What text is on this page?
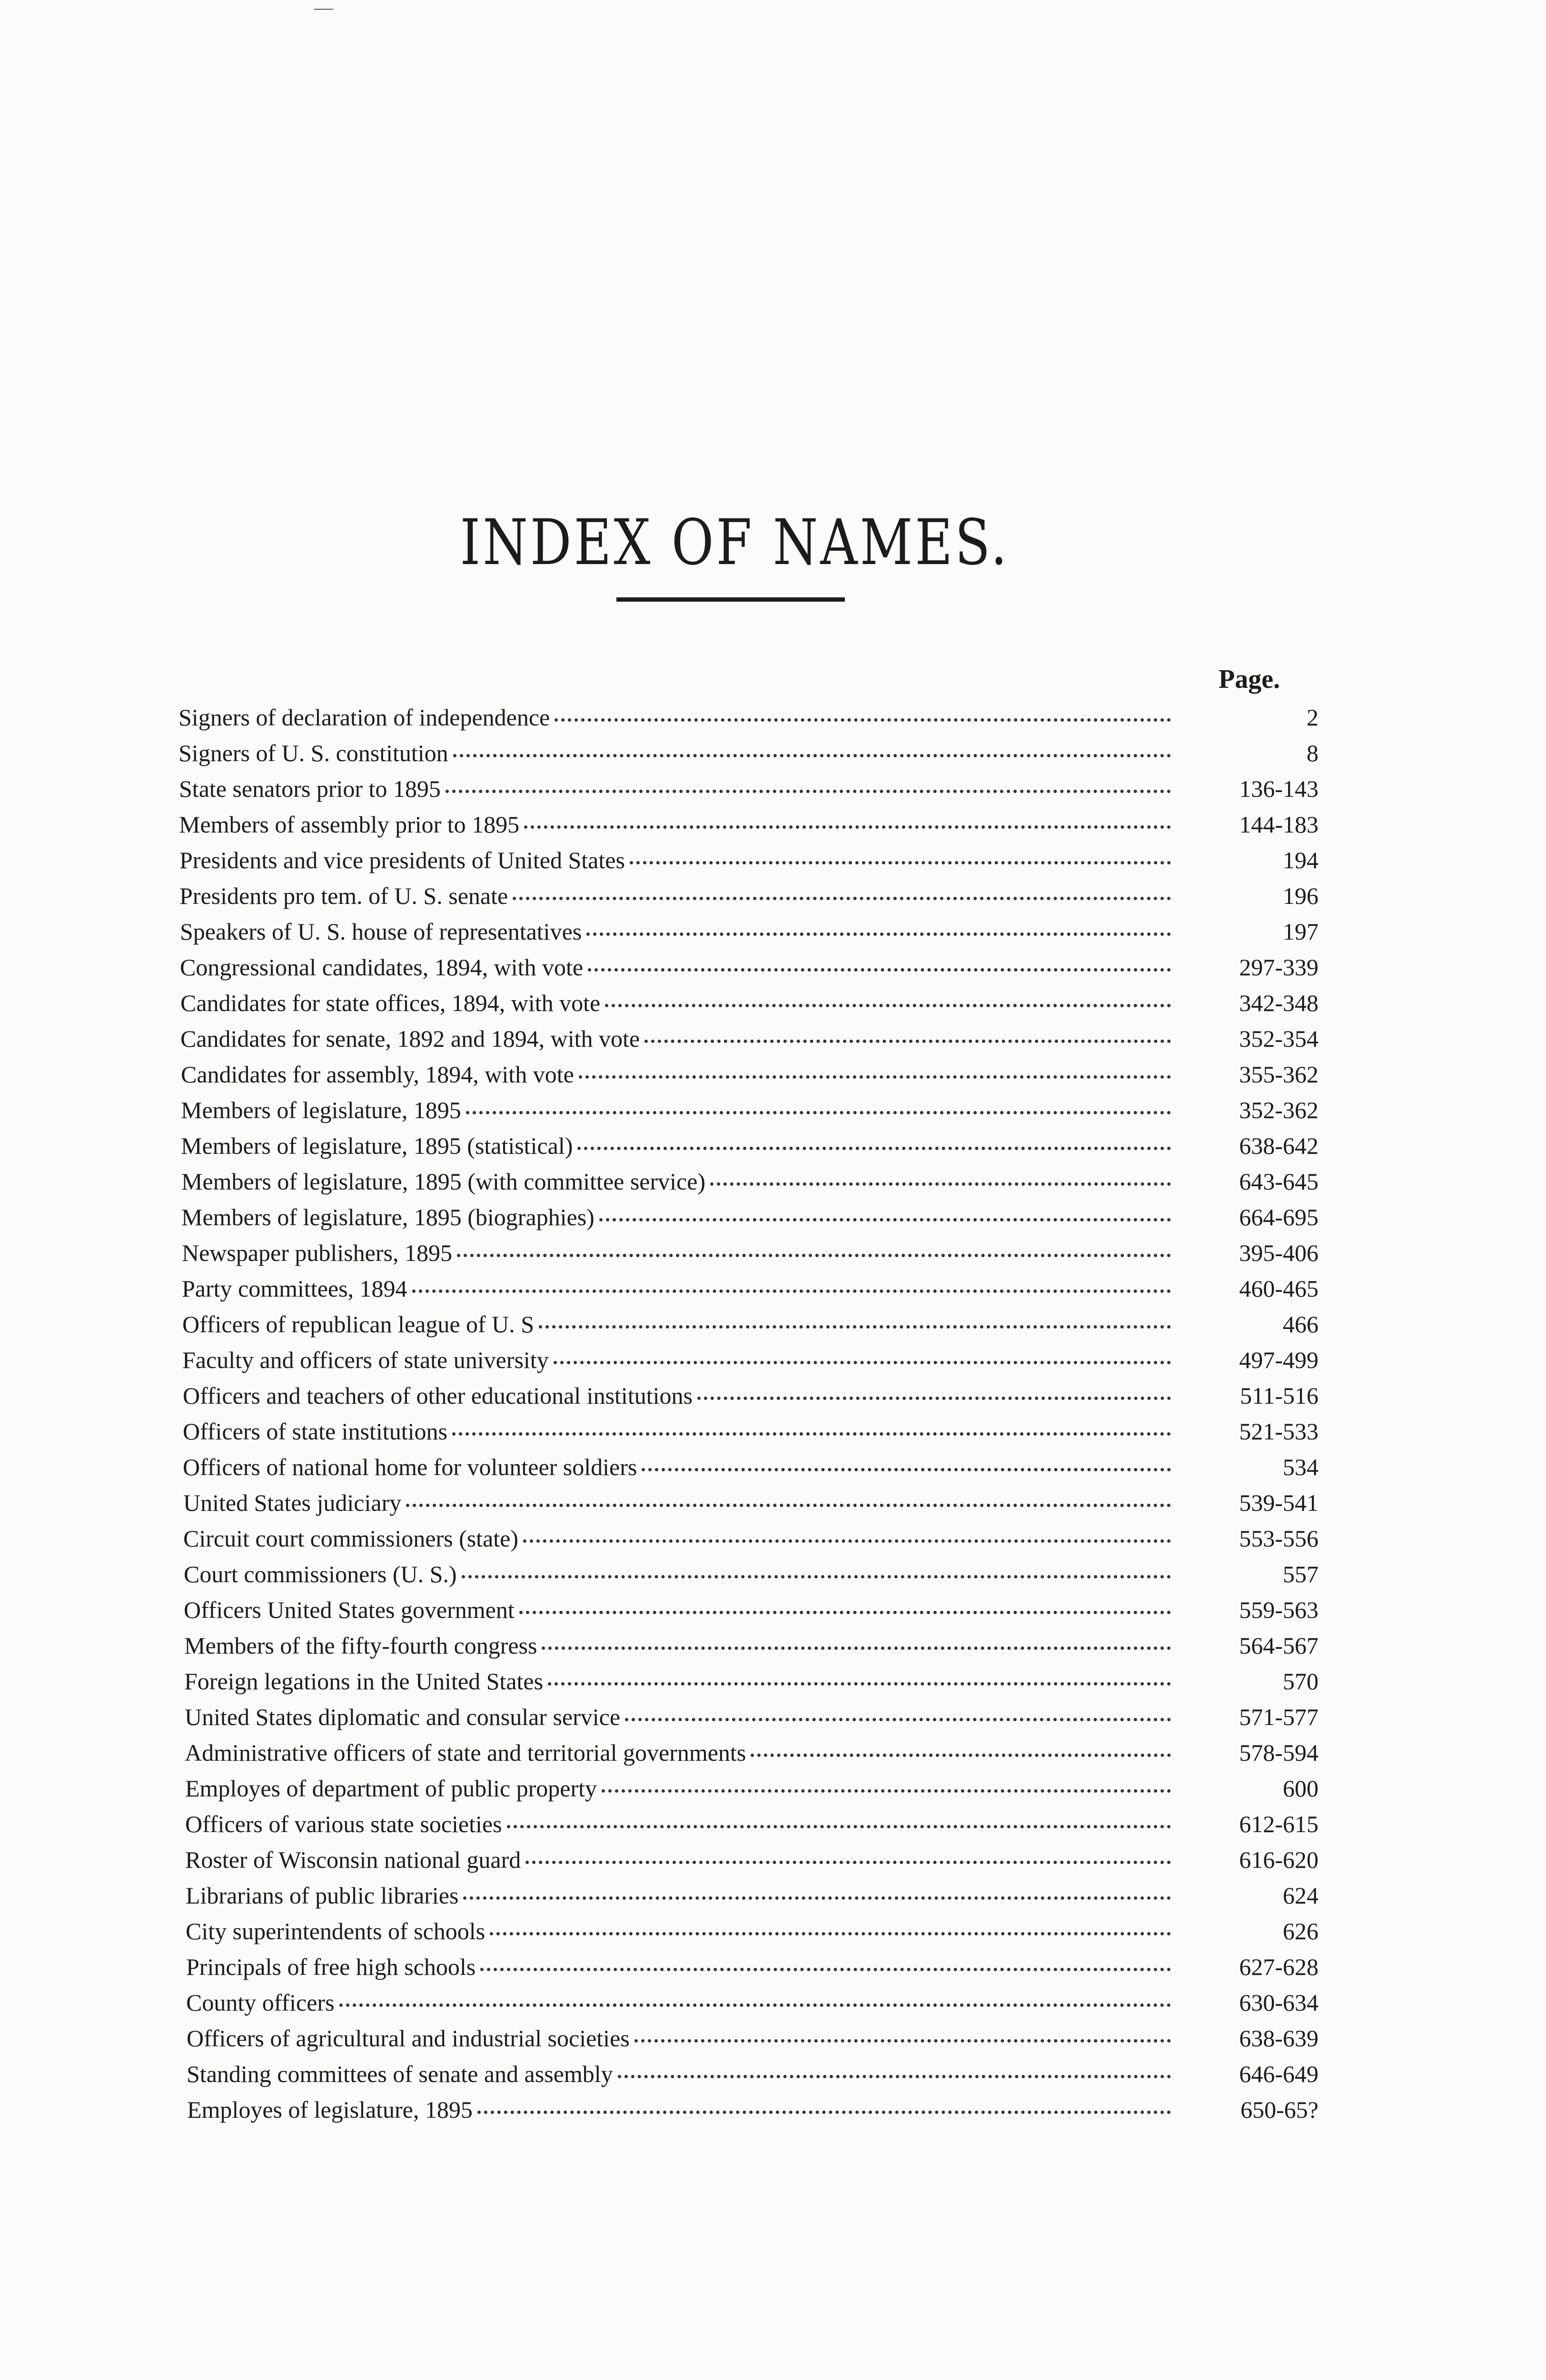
—
INDEX OF NAMES.
Page.
Signers of declaration of independence	2
Signers of U. S. constitution	8
State senators prior to 1895	136-143
Members of assembly prior to 1895	144-183
Presidents and vice presidents of United States	194
Presidents pro tem. of U. S. senate	196
Speakers of U. S. house of representatives	197
Congressional candidates, 1894, with vote	297-339
Candidates for state offices, 1894, with vote	342-348
Candidates for senate, 1892 and 1894, with vote	352-354
Candidates for assembly, 1894, with vote	355-362
Members of legislature, 1895	352-362
Members of legislature, 1895 (statistical)	638-642
Members of legislature, 1895 (with committee service)	643-645
Members of legislature, 1895 (biographies)	664-695
Newspaper publishers, 1895	395-406
Party committees, 1894	460-465
Officers of republican league of U. S	466
Faculty and officers of state university	497-499
Officers and teachers of other educational institutions	511-516
Officers of state institutions	521-533
Officers of national home for volunteer soldiers	534
United States judiciary	539-541
Circuit court commissioners (state)	553-556
Court commissioners (U. S.)	557
Officers United States government	559-563
Members of the fifty-fourth congress	564-567
Foreign legations in the United States	570
United States diplomatic and consular service	571-577
Administrative officers of state and territorial governments	578-594
Employes of department of public property	600
Officers of various state societies	612-615
Roster of Wisconsin national guard	616-620
Librarians of public libraries	624
City superintendents of schools	626
Principals of free high schools	627-628
County officers	630-634
Officers of agricultural and industrial societies	638-639
Standing committees of senate and assembly	646-649
Employes of legislature, 1895	650-65?
